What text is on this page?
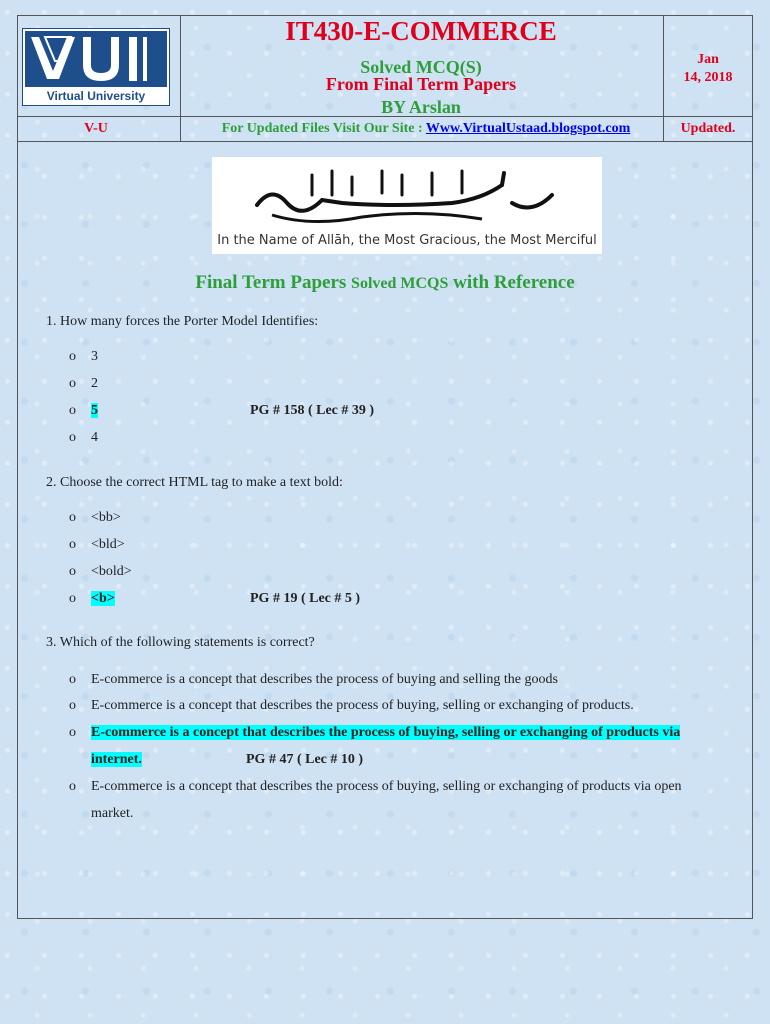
Virtual University
IT430-E-COMMERCE
Solved MCQ(S)
From Final Term Papers
BY Arslan
Jan
14, 2018
V-U	For Updated Files Visit Our Site : Www.VirtualUstaad.blogspot.com	Updated.
In the Name of Allāh, the Most Gracious, the Most Merciful
Final Term Papers Solved MCQS with Reference
1. How many forces the Porter Model Identifies:
o 3
o 2
o 5	PG # 158 ( Lec # 39 )
o 4
2. Choose the correct HTML tag to make a text bold:
o <bb>
o <bld>
o <bold>
o <b>	PG # 19 ( Lec # 5 )
3. Which of the following statements is correct?
o E-commerce is a concept that describes the process of buying and selling the goods
o E-commerce is a concept that describes the process of buying, selling or exchanging of products.
o E-commerce is a concept that describes the process of buying, selling or exchanging of products via
internet.	PG # 47 ( Lec # 10 )
o E-commerce is a concept that describes the process of buying, selling or exchanging of products via open
market.
